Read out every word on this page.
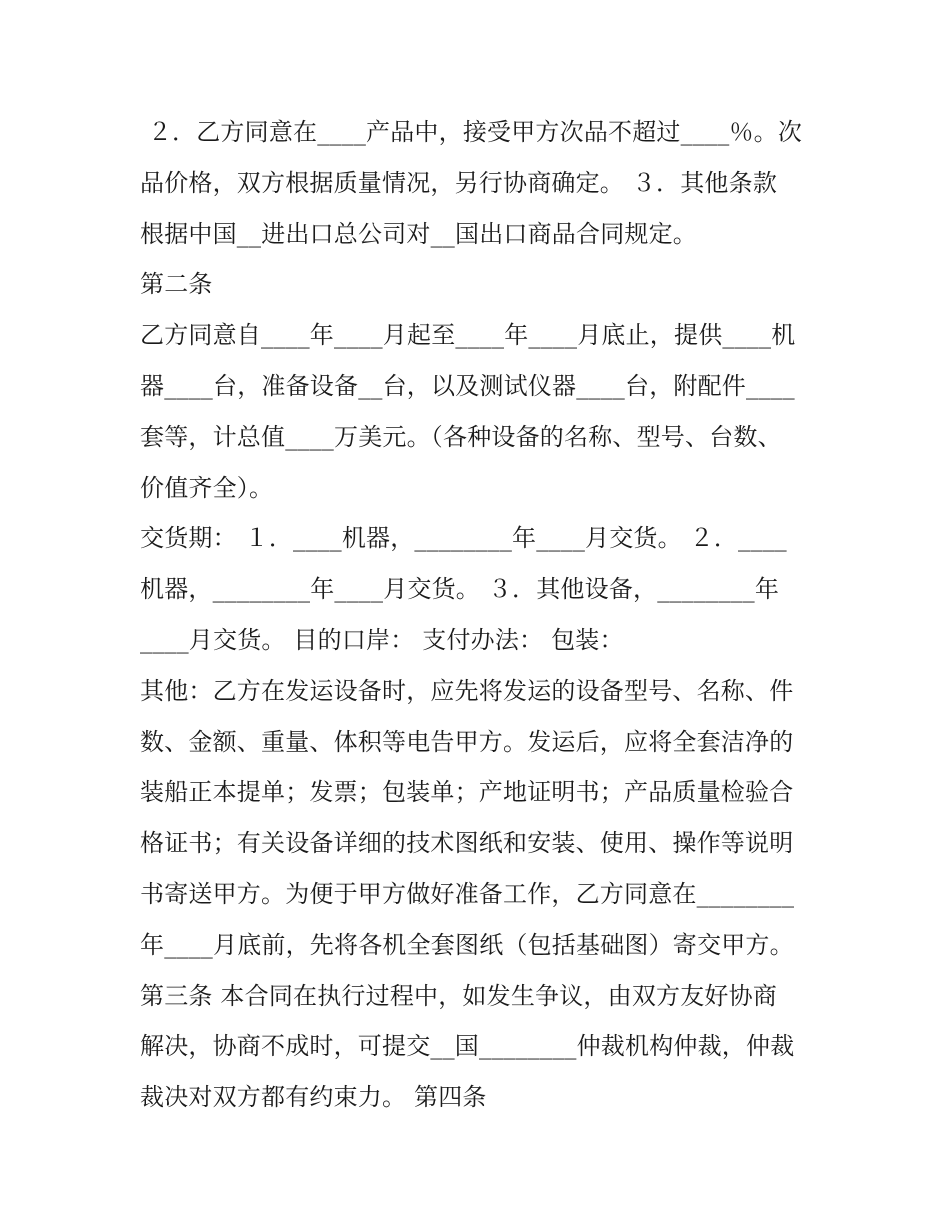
２．乙方同意在____产品中，接受甲方次品不超过____％。次
品价格，双方根据质量情况，另行协商确定。 ３．其他条款
根据中国__进出口总公司对__国出口商品合同规定。
第二条
乙方同意自____年____月起至____年____月底止，提供____机
器____台，准备设备__台，以及测试仪器____台，附配件____
套等，计总值____万美元。（各种设备的名称、型号、台数、
价值齐全）。
交货期： １．____机器，________年____月交货。 ２．____
机器，________年____月交货。 ３．其他设备，________年
____月交货。 目的口岸： 支付办法： 包装：
其他：乙方在发运设备时，应先将发运的设备型号、名称、件
数、金额、重量、体积等电告甲方。发运后，应将全套洁净的
装船正本提单；发票；包装单；产地证明书；产品质量检验合
格证书；有关设备详细的技术图纸和安装、使用、操作等说明
书寄送甲方。为便于甲方做好准备工作，乙方同意在________
年____月底前，先将各机全套图纸（包括基础图）寄交甲方。
第三条 本合同在执行过程中，如发生争议，由双方友好协商
解决，协商不成时，可提交__国________仲裁机构仲裁，仲裁
裁决对双方都有约束力。 第四条
